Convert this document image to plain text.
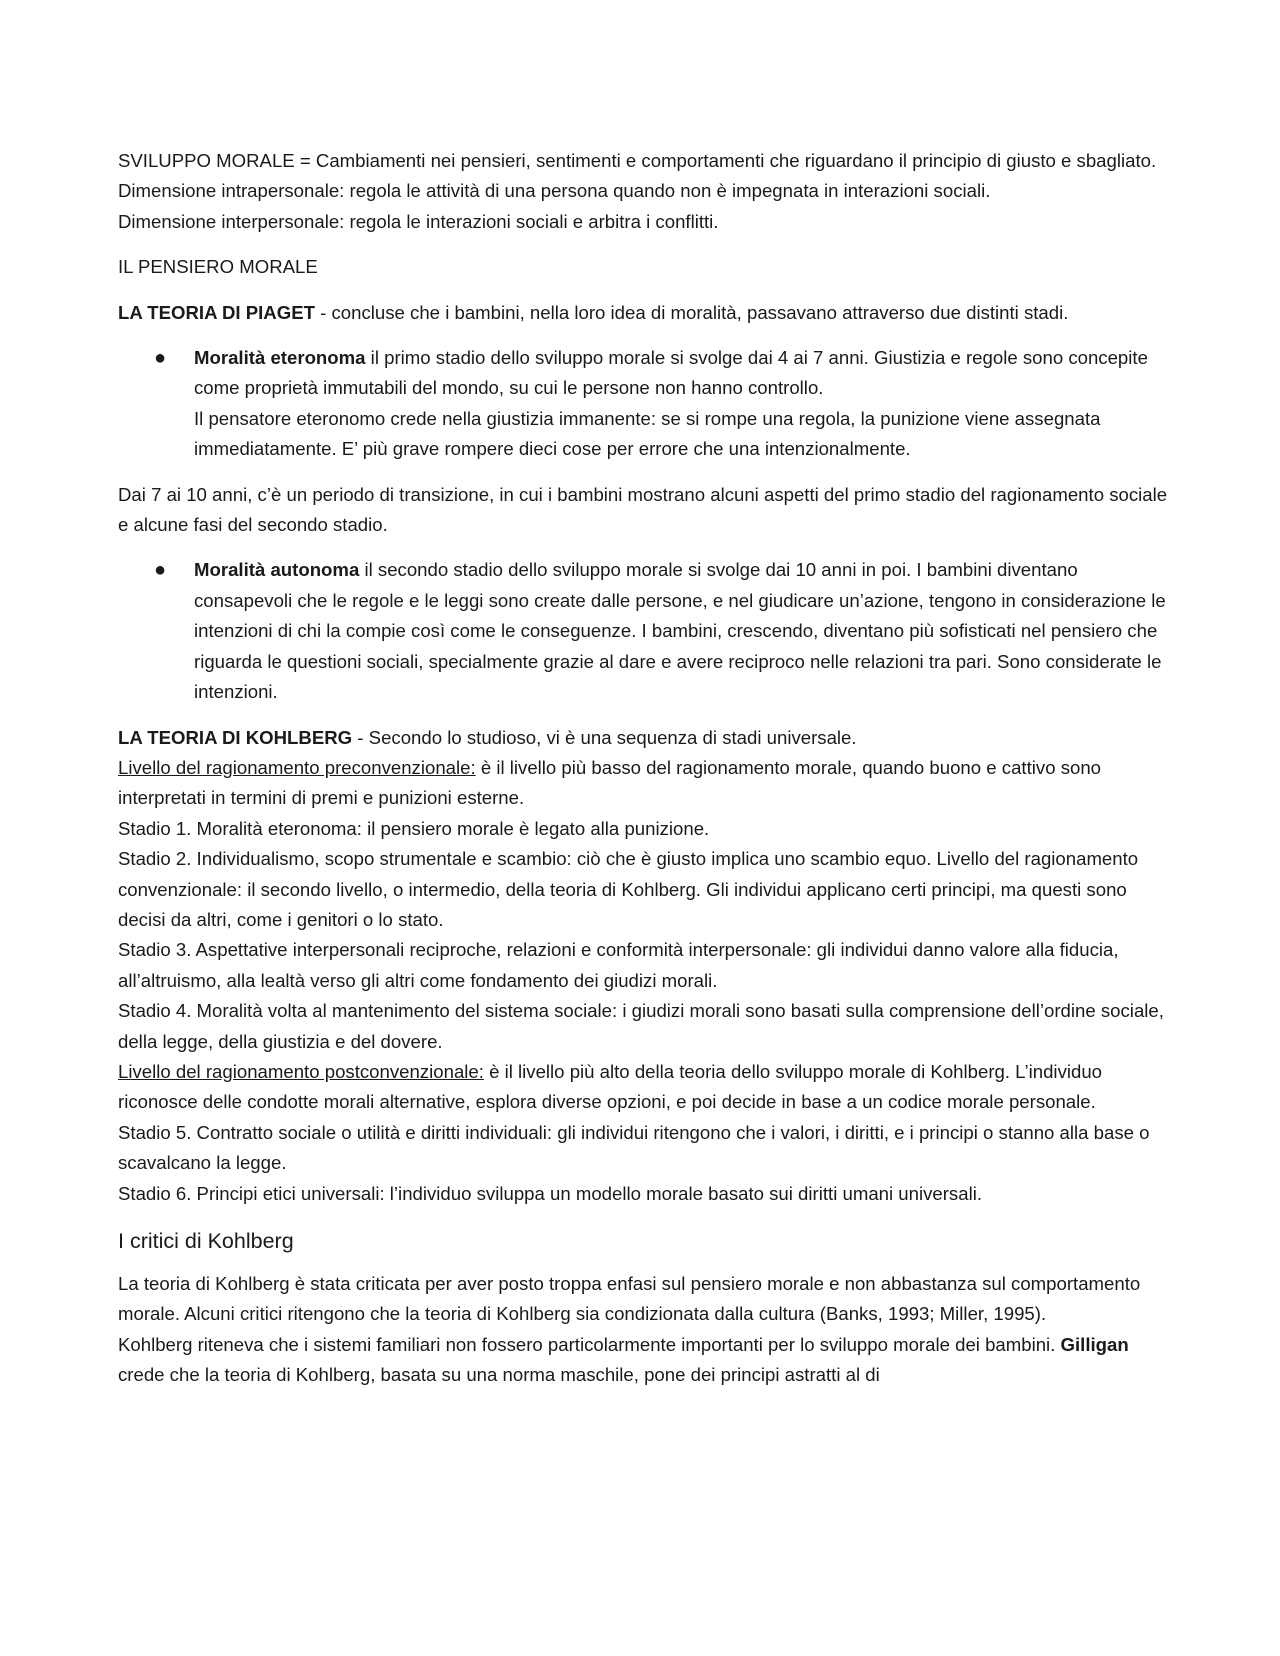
SVILUPPO MORALE = Cambiamenti nei pensieri, sentimenti e comportamenti che riguardano il principio di giusto e sbagliato.

Dimensione intrapersonale: regola le attività di una persona quando non è impegnata in interazioni sociali.

Dimensione interpersonale: regola le interazioni sociali e arbitra i conflitti.

IL PENSIERO MORALE

LA TEORIA DI PIAGET - concluse che i bambini, nella loro idea di moralità, passavano attraverso due distinti stadi.

● Moralità eteronoma il primo stadio dello sviluppo morale si svolge dai 4 ai 7 anni. Giustizia e regole sono concepite come proprietà immutabili del mondo, su cui le persone non hanno controllo.
Il pensatore eteronomo crede nella giustizia immanente: se si rompe una regola, la punizione viene assegnata immediatamente. E’ più grave rompere dieci cose per errore che una intenzionalmente.

Dai 7 ai 10 anni, c’è un periodo di transizione, in cui i bambini mostrano alcuni aspetti del primo stadio del ragionamento sociale e alcune fasi del secondo stadio.

● Moralità autonoma il secondo stadio dello sviluppo morale si svolge dai 10 anni in poi. I bambini diventano consapevoli che le regole e le leggi sono create dalle persone, e nel giudicare un’azione, tengono in considerazione le intenzioni di chi la compie così come le conseguenze. I bambini, crescendo, diventano più sofisticati nel pensiero che riguarda le questioni sociali, specialmente grazie al dare e avere reciproco nelle relazioni tra pari. Sono considerate le intenzioni.

LA TEORIA DI KOHLBERG - Secondo lo studioso, vi è una sequenza di stadi universale.

Livello del ragionamento preconvenzionale: è il livello più basso del ragionamento morale, quando buono e cattivo sono interpretati in termini di premi e punizioni esterne.

Stadio 1. Moralità eteronoma: il pensiero morale è legato alla punizione.

Stadio 2. Individualismo, scopo strumentale e scambio: ciò che è giusto implica uno scambio equo. Livello del ragionamento convenzionale: il secondo livello, o intermedio, della teoria di Kohlberg. Gli individui applicano certi principi, ma questi sono decisi da altri, come i genitori o lo stato.

Stadio 3. Aspettative interpersonali reciproche, relazioni e conformità interpersonale: gli individui danno valore alla fiducia, all’altruismo, alla lealtà verso gli altri come fondamento dei giudizi morali.

Stadio 4. Moralità volta al mantenimento del sistema sociale: i giudizi morali sono basati sulla comprensione dell’ordine sociale, della legge, della giustizia e del dovere.

Livello del ragionamento postconvenzionale: è il livello più alto della teoria dello sviluppo morale di Kohlberg. L’individuo riconosce delle condotte morali alternative, esplora diverse opzioni, e poi decide in base a un codice morale personale.

Stadio 5. Contratto sociale o utilità e diritti individuali: gli individui ritengono che i valori, i diritti, e i principi o stanno alla base o scavalcano la legge.

Stadio 6. Principi etici universali: l’individuo sviluppa un modello morale basato sui diritti umani universali.

I critici di Kohlberg

La teoria di Kohlberg è stata criticata per aver posto troppa enfasi sul pensiero morale e non abbastanza sul comportamento morale. Alcuni critici ritengono che la teoria di Kohlberg sia condizionata dalla cultura (Banks, 1993; Miller, 1995).

Kohlberg riteneva che i sistemi familiari non fossero particolarmente importanti per lo sviluppo morale dei bambini. Gilligan crede che la teoria di Kohlberg, basata su una norma maschile, pone dei principi astratti al di
